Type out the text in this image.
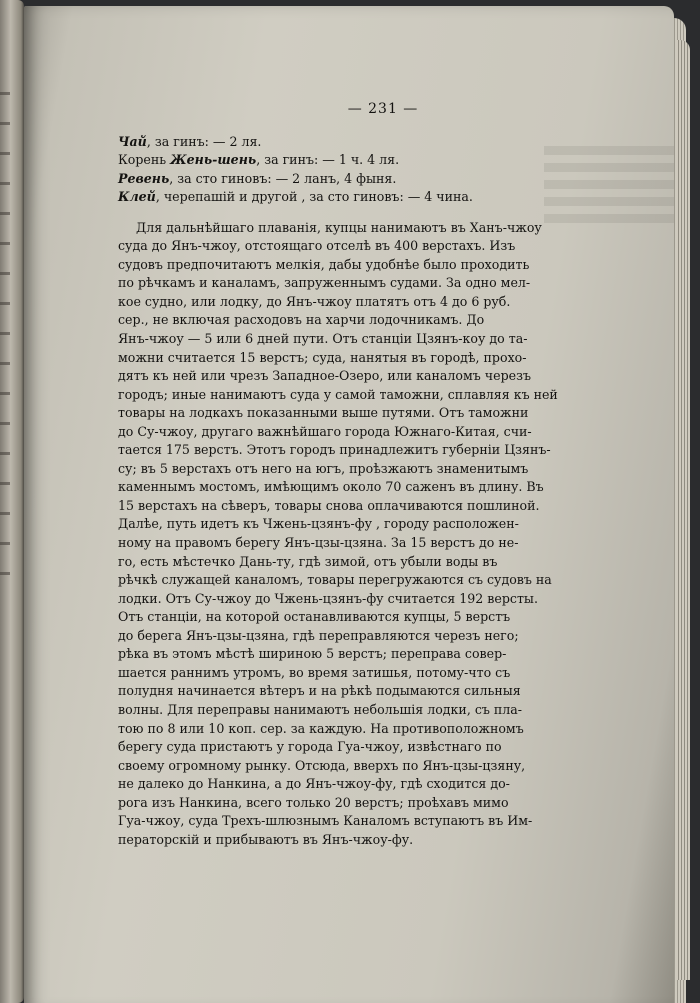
— 231 —
Чай, за гинъ: — 2 ля.
Корень Жень-шень, за гинъ: — 1 ч. 4 ля.
Ревень, за сто гиновъ: — 2 ланъ, 4 фыня.
Клей, черепашiй и другой , за сто гиновъ: — 4 чина.
Для дальнѣйшаго плаванiя, купцы нанимаютъ въ Ханъ-чжоу
суда до Янъ-чжоу, отстоящаго отселѣ въ 400 верстахъ. Изъ
судовъ предпочитаютъ мелкiя, дабы удобнѣе было проходить
по рѣчкамъ и каналамъ, запруженнымъ судами. За одно мел-
кое судно, или лодку, до Янъ-чжоу платятъ отъ 4 до 6 руб.
сер., не включая расходовъ на харчи лодочникамъ. До
Янъ-чжоу — 5 или 6 дней пути. Отъ станцiи Цзянъ-коу до та-
можни считается 15 верстъ; суда, нанятыя въ городѣ, прохо-
дятъ къ ней или чрезъ Западное-Озеро, или каналомъ черезъ
городъ; иные нанимаютъ суда у самой таможни, сплавляя къ ней
товары на лодкахъ показанными выше путями. Отъ таможни
до Су-чжоу, другаго важнѣйшаго города Южнаго-Китая, счи-
тается 175 верстъ. Этотъ городъ принадлежитъ губернiи Цзянъ-
су; въ 5 верстахъ отъ него на югъ, проѣзжаютъ знаменитымъ
каменнымъ мостомъ, имѣющимъ около 70 саженъ въ длину. Въ
15 верстахъ на сѣверъ, товары снова оплачиваются пошлиной.
Далѣе, путь идетъ къ Чжень-цзянъ-фу , городу расположен-
ному на правомъ берегу Янъ-цзы-цзяна. За 15 верстъ до не-
го, есть мѣстечко Дань-ту, гдѣ зимой, отъ убыли воды въ
рѣчкѣ служащей каналомъ, товары перегружаются съ судовъ на
лодки. Отъ Су-чжоу до Чжень-цзянъ-фу считается 192 версты.
Отъ станцiи, на которой останавливаются купцы, 5 верстъ
до берега Янъ-цзы-цзяна, гдѣ переправляются черезъ него;
рѣка въ этомъ мѣстѣ шириною 5 верстъ; переправа совер-
шается раннимъ утромъ, во время затишья, потому-что съ
полудня начинается вѣтеръ и на рѣкѣ подымаются сильныя
волны. Для переправы нанимаютъ небольшiя лодки, съ пла-
тою по 8 или 10 коп. сер. за каждую. На противоположномъ
берегу суда пристаютъ у города Гуа-чжоу, извѣстнаго по
своему огромному рынку. Отсюда, вверхъ по Янъ-цзы-цзяну,
не далеко до Нанкина, а до Янъ-чжоу-фу, гдѣ сходится до-
рога изъ Нанкина, всего только 20 верстъ; проѣхавъ мимо
Гуа-чжоу, суда Трехъ-шлюзнымъ Каналомъ вступаютъ въ Им-
ператорскiй и прибываютъ въ Янъ-чжоу-фу.
